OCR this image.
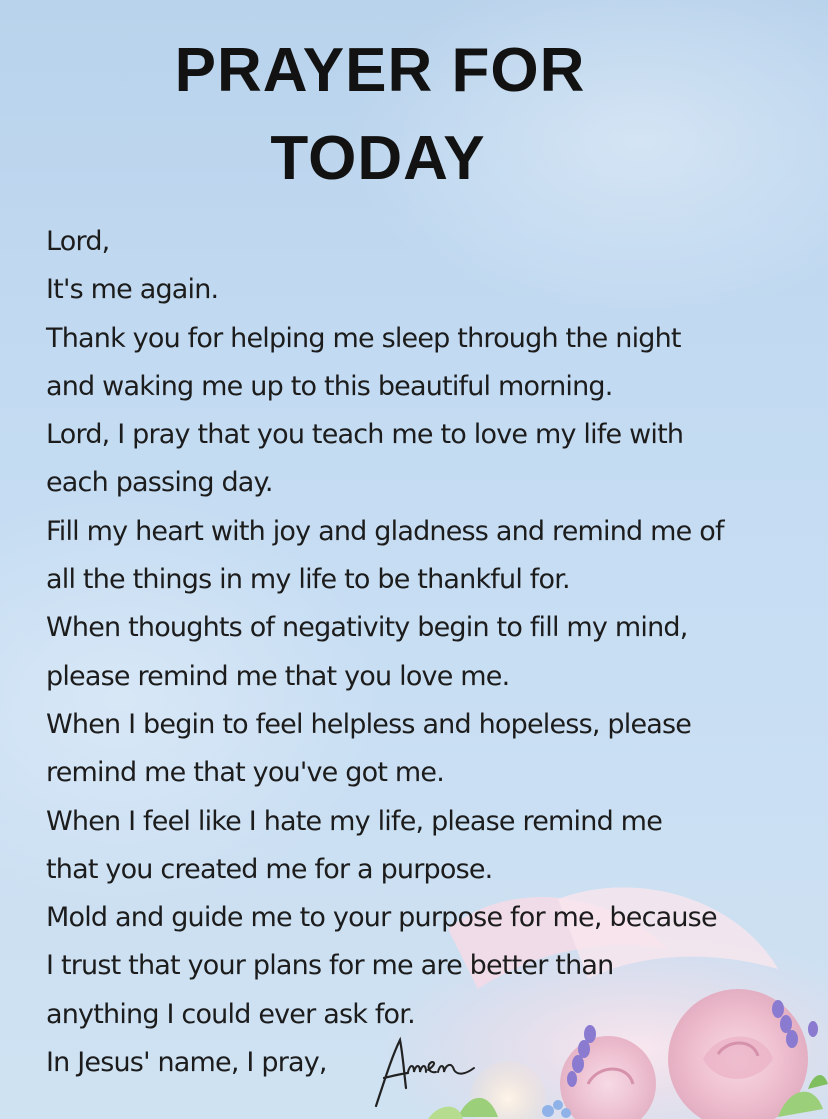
PRAYER FOR
TODAY
Lord,
It's me again.
Thank you for helping me sleep through the night
and waking me up to this beautiful morning.
Lord, I pray that you teach me to love my life with
each passing day.
Fill my heart with joy and gladness and remind me of
all the things in my life to be thankful for.
When thoughts of negativity begin to fill my mind,
please remind me that you love me.
When I begin to feel helpless and hopeless, please
remind me that you've got me.
When I feel like I hate my life, please remind me
that you created me for a purpose.
Mold and guide me to your purpose for me, because
I trust that your plans for me are better than
anything I could ever ask for.
In Jesus' name, I pray,
